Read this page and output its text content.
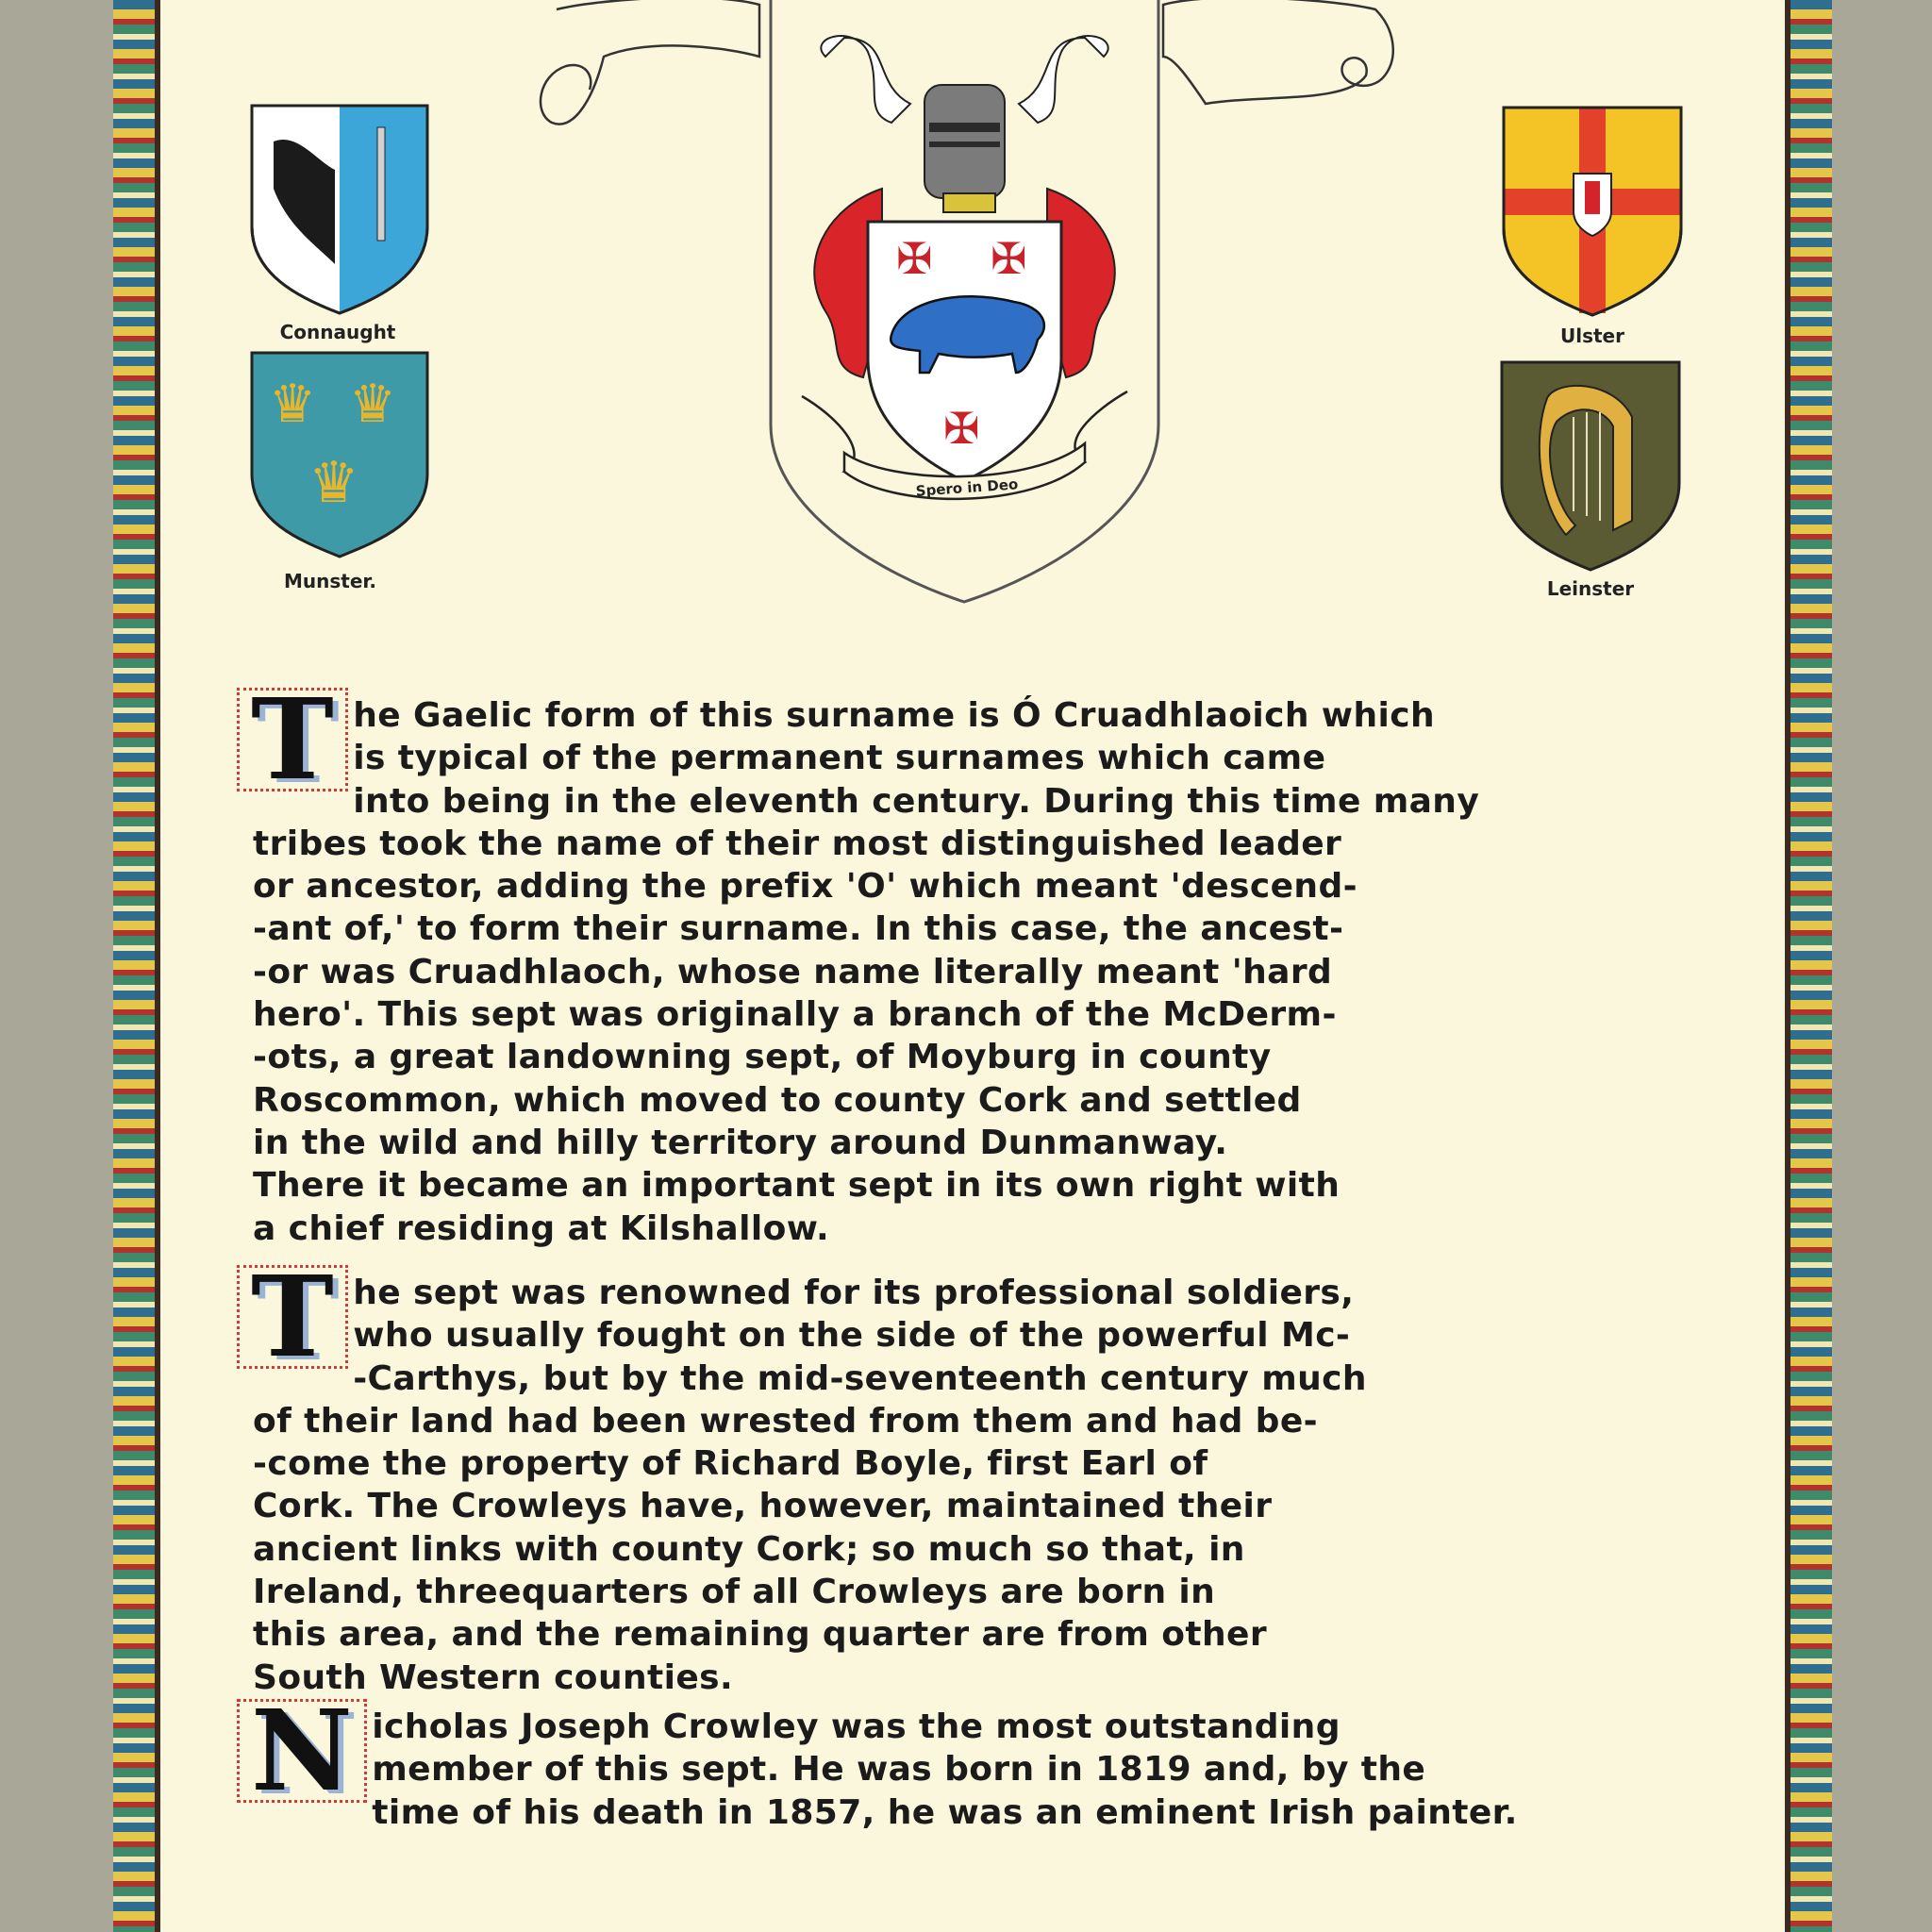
✠ ✠
✠
Spero in Deo
Connaught
♛ ♛
♛
Munster.
Ulster
Leinster
T he Gaelic form of this surname is Ó Cruadhlaoich which
is typical of the permanent surnames which came
into being in the eleventh century. During this time many
tribes took the name of their most distinguished leader
or ancestor, adding the prefix 'O' which meant 'descend-
-ant of,' to form their surname. In this case, the ancest-
-or was Cruadhlaoch, whose name literally meant 'hard
hero'. This sept was originally a branch of the McDerm-
-ots, a great landowning sept, of Moyburg in county
Roscommon, which moved to county Cork and settled
in the wild and hilly territory around Dunmanway.
There it became an important sept in its own right with
a chief residing at Kilshallow.
T he sept was renowned for its professional soldiers,
who usually fought on the side of the powerful Mc-
-Carthys, but by the mid-seventeenth century much
of their land had been wrested from them and had be-
-come the property of Richard Boyle, first Earl of
Cork. The Crowleys have, however, maintained their
ancient links with county Cork; so much so that, in
Ireland, threequarters of all Crowleys are born in
this area, and the remaining quarter are from other
South Western counties.
N icholas Joseph Crowley was the most outstanding
member of this sept. He was born in 1819 and, by the
time of his death in 1857, he was an eminent Irish painter.
